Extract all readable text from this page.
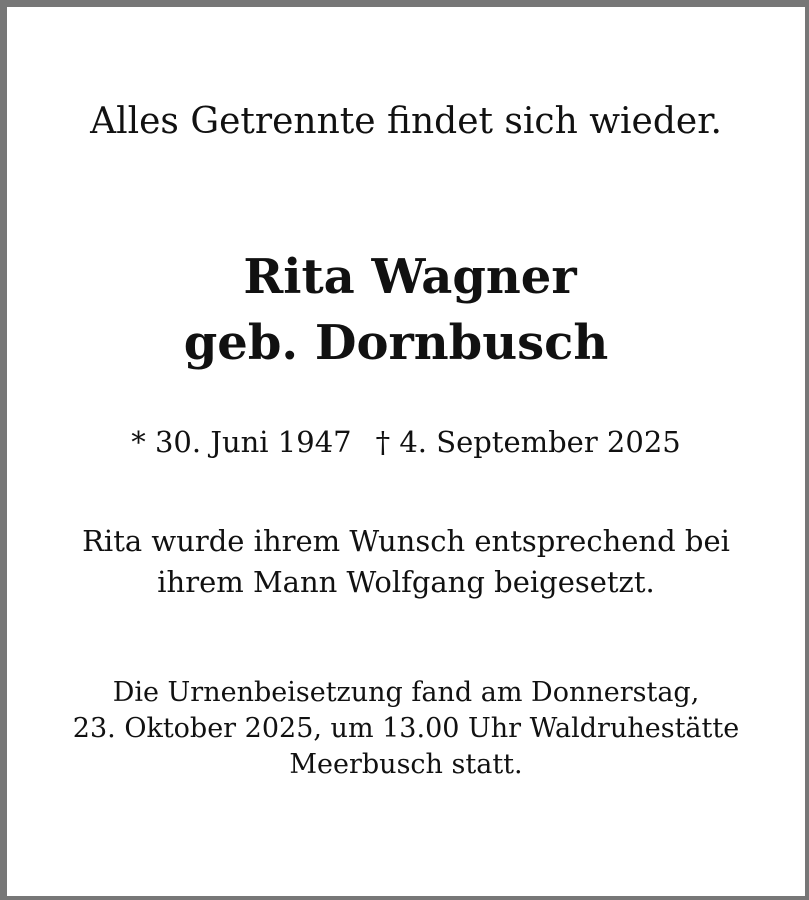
Alles Getrennte findet sich wieder.
Rita Wagner
geb. Dornbusch
* 30. Juni 1947 † 4. September 2025
Rita wurde ihrem Wunsch entsprechend bei
ihrem Mann Wolfgang beigesetzt.
Die Urnenbeisetzung fand am Donnerstag,
23. Oktober 2025, um 13.00 Uhr Waldruhestätte
Meerbusch statt.
